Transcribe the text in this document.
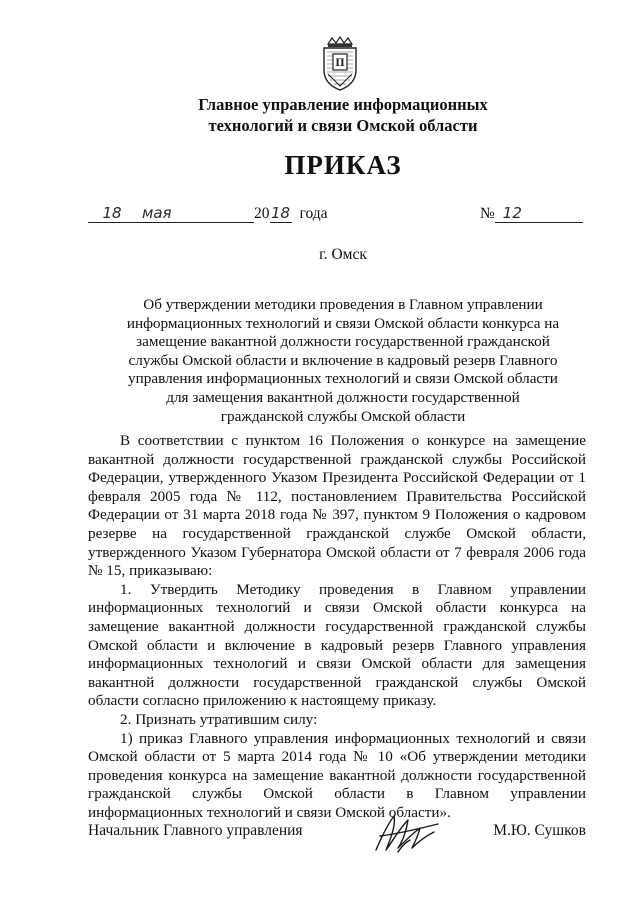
П
Главное управление информационных
технологий и связи Омской области
ПРИКАЗ
18 мая	2018 года	№ 12
г. Омск
Об утверждении методики проведения в Главном управлении
информационных технологий и связи Омской области конкурса на
замещение вакантной должности государственной гражданской
службы Омской области и включение в кадровый резерв Главного
управления информационных технологий и связи Омской области
для замещения вакантной должности государственной
гражданской службы Омской области

В соответствии с пунктом 16 Положения о конкурсе на замещение вакантной должности государственной гражданской службы Российской Федерации, утвержденного Указом Президента Российской Федерации от 1 февраля 2005 года № 112, постановлением Правительства Российской Федерации от 31 марта 2018 года № 397, пунктом 9 Положения о кадровом резерве на государственной гражданской службе Омской области, утвержденного Указом Губернатора Омской области от 7 февраля 2006 года № 15, приказываю:

1. Утвердить Методику проведения в Главном управлении информационных технологий и связи Омской области конкурса на замещение вакантной должности государственной гражданской службы Омской области и включение в кадровый резерв Главного управления информационных технологий и связи Омской области для замещения вакантной должности государственной гражданской службы Омской области согласно приложению к настоящему приказу.

2. Признать утратившим силу:

1) приказ Главного управления информационных технологий и связи Омской области от 5 марта 2014 года № 10 «Об утверждении методики проведения конкурса на замещение вакантной должности государственной гражданской службы Омской области в Главном управлении информационных технологий и связи Омской области».

Начальник Главного управления	М.Ю. Сушков
